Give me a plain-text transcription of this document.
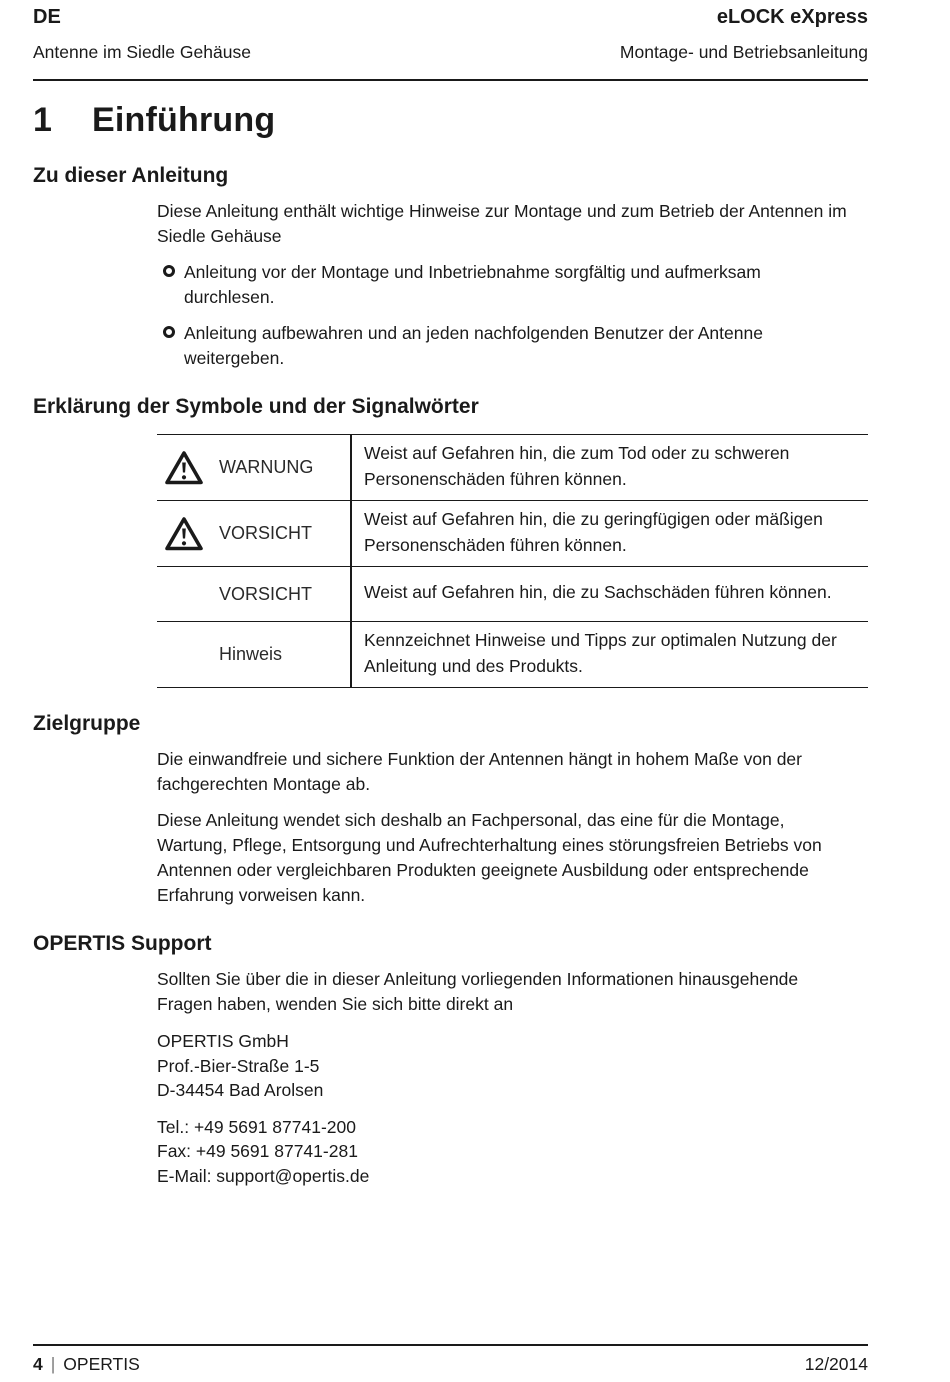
DE
Antenne im Siedle Gehäuse
eLOCK eXpress
Montage- und Betriebsanleitung
1 Einführung
Zu dieser Anleitung
Diese Anleitung enthält wichtige Hinweise zur Montage und zum Betrieb der Antennen im Siedle Gehäuse
Anleitung vor der Montage und Inbetriebnahme sorgfältig und aufmerksam durchlesen.
Anleitung aufbewahren und an jeden nachfolgenden Benutzer der Antenne weitergeben.
Erklärung der Symbole und der Signalwörter
WARNUNG	Weist auf Gefahren hin, die zum Tod oder zu schweren Personenschäden führen können.

VORSICHT	Weist auf Gefahren hin, die zu geringfügigen oder mäßigen Personenschäden führen können.

VORSICHT	Weist auf Gefahren hin, die zu Sachschäden führen können.

Hinweis	Kennzeichnet Hinweise und Tipps zur optimalen Nutzung der Anleitung und des Produkts.
Zielgruppe
Die einwandfreie und sichere Funktion der Antennen hängt in hohem Maße von der fachgerechten Montage ab.
Diese Anleitung wendet sich deshalb an Fachpersonal, das eine für die Montage, Wartung, Pflege, Entsorgung und Aufrechterhaltung eines störungsfreien Betriebs von Antennen oder vergleichbaren Produkten geeignete Ausbildung oder entsprechende Erfahrung vorweisen kann.
OPERTIS Support
Sollten Sie über die in dieser Anleitung vorliegenden Informationen hinausgehende Fragen haben, wenden Sie sich bitte direkt an
OPERTIS GmbH
Prof.-Bier-Straße 1-5
D-34454 Bad Arolsen
Tel.: +49 5691 87741-200
Fax: +49 5691 87741-281
E-Mail: support@opertis.de
4 | OPERTIS	12/2014
